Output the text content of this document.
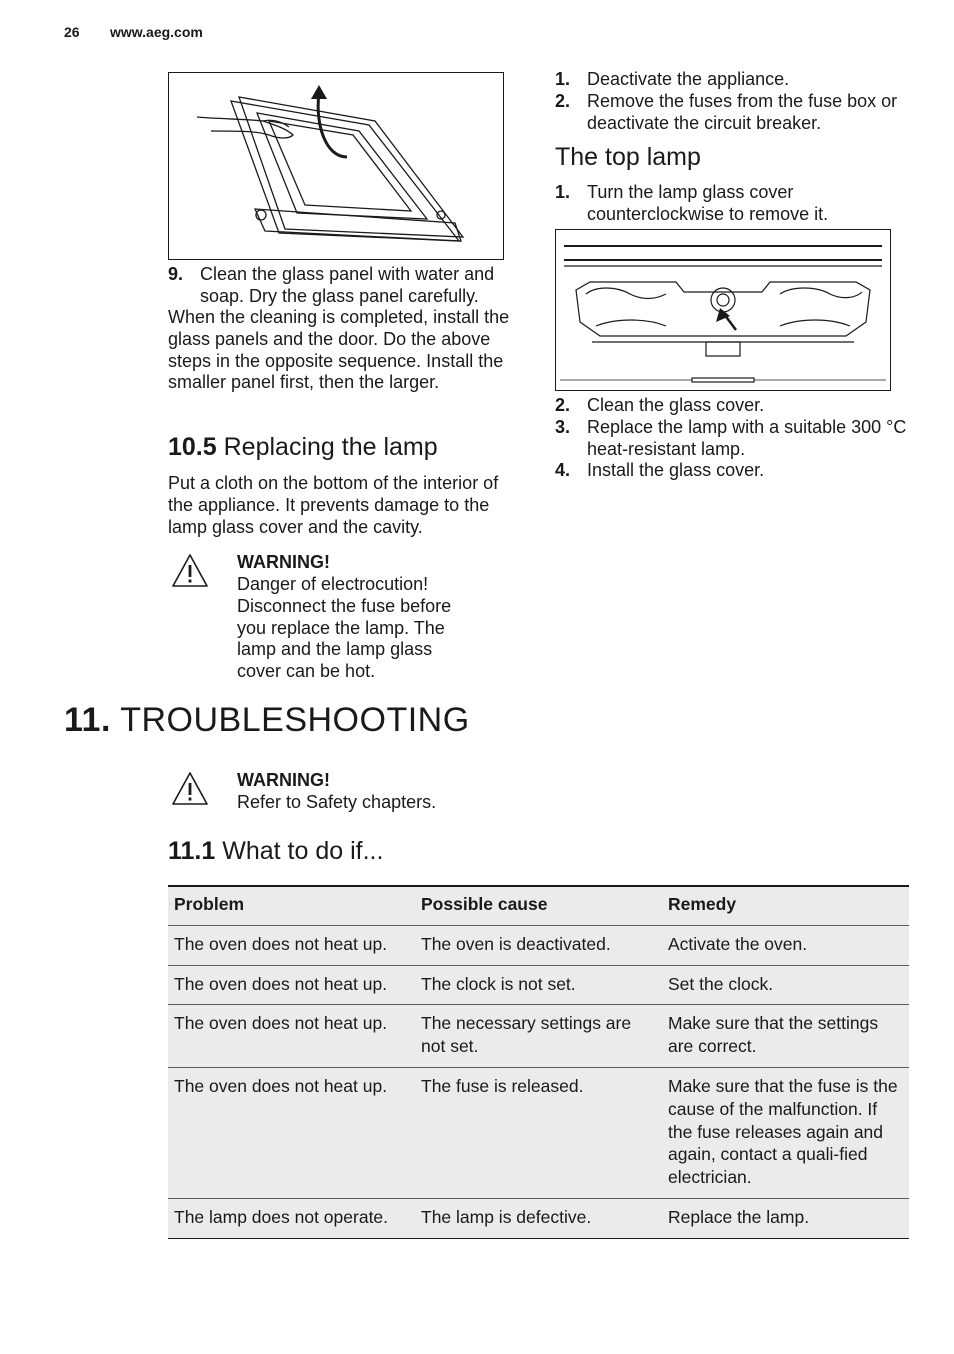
26 www.aeg.com
9. Clean the glass panel with water and soap. Dry the glass panel carefully.
When the cleaning is completed, install the glass panels and the door. Do the above steps in the opposite sequence. Install the smaller panel first, then the larger.
10.5 Replacing the lamp
Put a cloth on the bottom of the interior of the appliance. It prevents damage to the lamp glass cover and the cavity.
WARNING!
Danger of electrocution! Disconnect the fuse before you replace the lamp. The lamp and the lamp glass cover can be hot.
1. Deactivate the appliance.
2. Remove the fuses from the fuse box or deactivate the circuit breaker.
The top lamp
1. Turn the lamp glass cover counterclockwise to remove it.
2. Clean the glass cover.
3. Replace the lamp with a suitable 300 °C heat-resistant lamp.
4. Install the glass cover.
11. TROUBLESHOOTING
WARNING!
Refer to Safety chapters.
11.1 What to do if...
Problem	Possible cause	Remedy
The oven does not heat up.	The oven is deactivated.	Activate the oven.
The oven does not heat up.	The clock is not set.	Set the clock.
The oven does not heat up.	The necessary settings are not set.	Make sure that the settings are correct.
The oven does not heat up.	The fuse is released.	Make sure that the fuse is the cause of the malfunction. If the fuse releases again and again, contact a quali-fied electrician.
The lamp does not operate.	The lamp is defective.	Replace the lamp.
